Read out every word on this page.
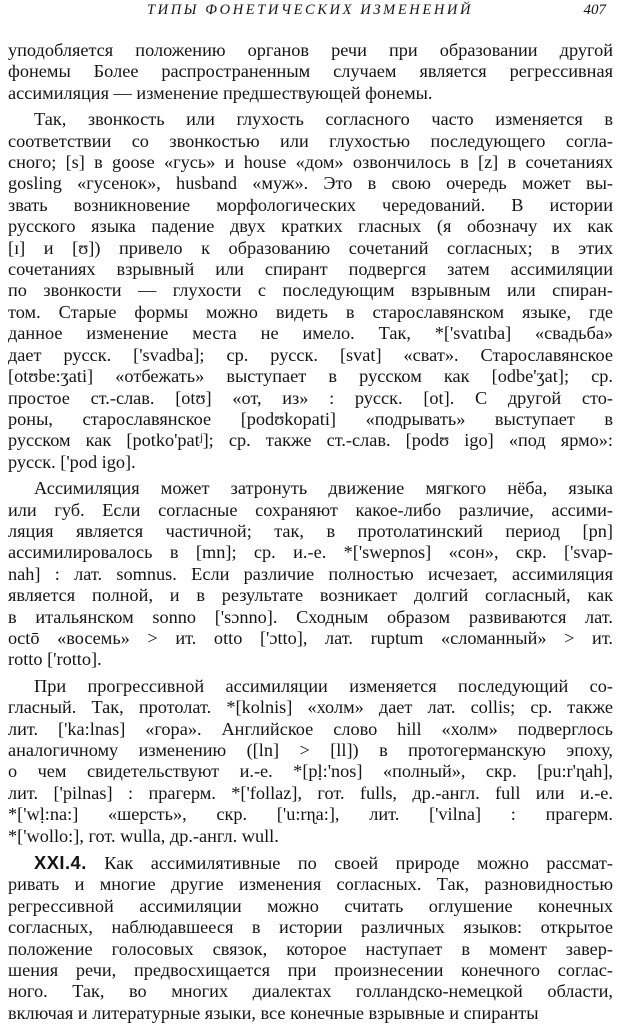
ТИПЫ ФОНЕТИЧЕСКИХ ИЗМЕНЕНИЙ	407

уподобляется положению органов речи при образовании другой
фонемы Более распространенным случаем является регрессивная
ассимиляция — изменение предшествующей фонемы.

Так, звонкость или глухость согласного часто изменяется в
соответствии со звонкостью или глухостью последующего согла-
сного; [s] в goose «гусь» и house «дом» озвончилось в [z] в сочетаниях
gosling «гусенок», husband «муж». Это в свою очередь может вы-
звать возникновение морфологических чередований. В истории
русского языка падение двух кратких гласных (я обозначу их как
[ɪ] и [ʊ]) привело к образованию сочетаний согласных; в этих
сочетаниях взрывный или спирант подвергся затем ассимиляции
по звонкости — глухости с последующим взрывным или спиран-
том. Старые формы можно видеть в старославянском языке, где
данное изменение места не имело. Так, *['svatɪba] «свадьба»
дает русск. ['svadba]; ср. русск. [svat] «сват». Старославянское
[otʊbe:ʒati] «отбежать» выступает в русском как [odbe'ʒat]; ср.
простое ст.-слав. [otʊ] «от, из» : русск. [ot]. С другой сто-
роны, старославянское [podʊkopati] «подрывать» выступает в
русском как [potko'patʲ]; ср. также ст.-слав. [podʊ igo] «под ярмо»:
русск. ['pod igo].

Ассимиляция может затронуть движение мягкого нёба, языка
или губ. Если согласные сохраняют какое-либо различие, ассими-
ляция является частичной; так, в протолатинский период [pn]
ассимилировалось в [mn]; ср. и.-е. *['swepnos] «сон», скр. ['svap-
nah] : лат. somnus. Если различие полностью исчезает, ассимиляция
является полной, и в результате возникает долгий согласный, как
в итальянском sonno ['sɔnno]. Сходным образом развиваются лат.
octō «восемь» > ит. otto ['ɔtto], лат. ruptum «сломанный» > ит.
rotto ['rotto].

При прогрессивной ассимиляции изменяется последующий со-
гласный. Так, протолат. *[kolnis] «холм» дает лат. collis; ср. также
лит. ['ka:lnas] «гора». Английское слово hill «холм» подверглось
аналогичному изменению ([ln] > [ll]) в протогерманскую эпоху,
о чем свидетельствуют и.-е. *[pḷ:'nos] «полный», скр. [pu:r'ɳah],
лит. ['pilnas] : прагерм. *['follaz], гот. fulls, др.-англ. full или и.-е.
*['wḷ:na:] «шерсть», скр. ['u:rɳa:], лит. ['vilna] : прагерм.
*['wollo:], гот. wulla, др.-англ. wull.

XXI.4. Как ассимилятивные по своей природе можно рассмат-
ривать и многие другие изменения согласных. Так, разновидностью
регрессивной ассимиляции можно считать оглушение конечных
согласных, наблюдавшееся в истории различных языков: открытое
положение голосовых связок, которое наступает в момент завер-
шения речи, предвосхищается при произнесении конечного соглас-
ного. Так, во многих диалектах голландско-немецкой области,
включая и литературные языки, все конечные взрывные и спиранты
